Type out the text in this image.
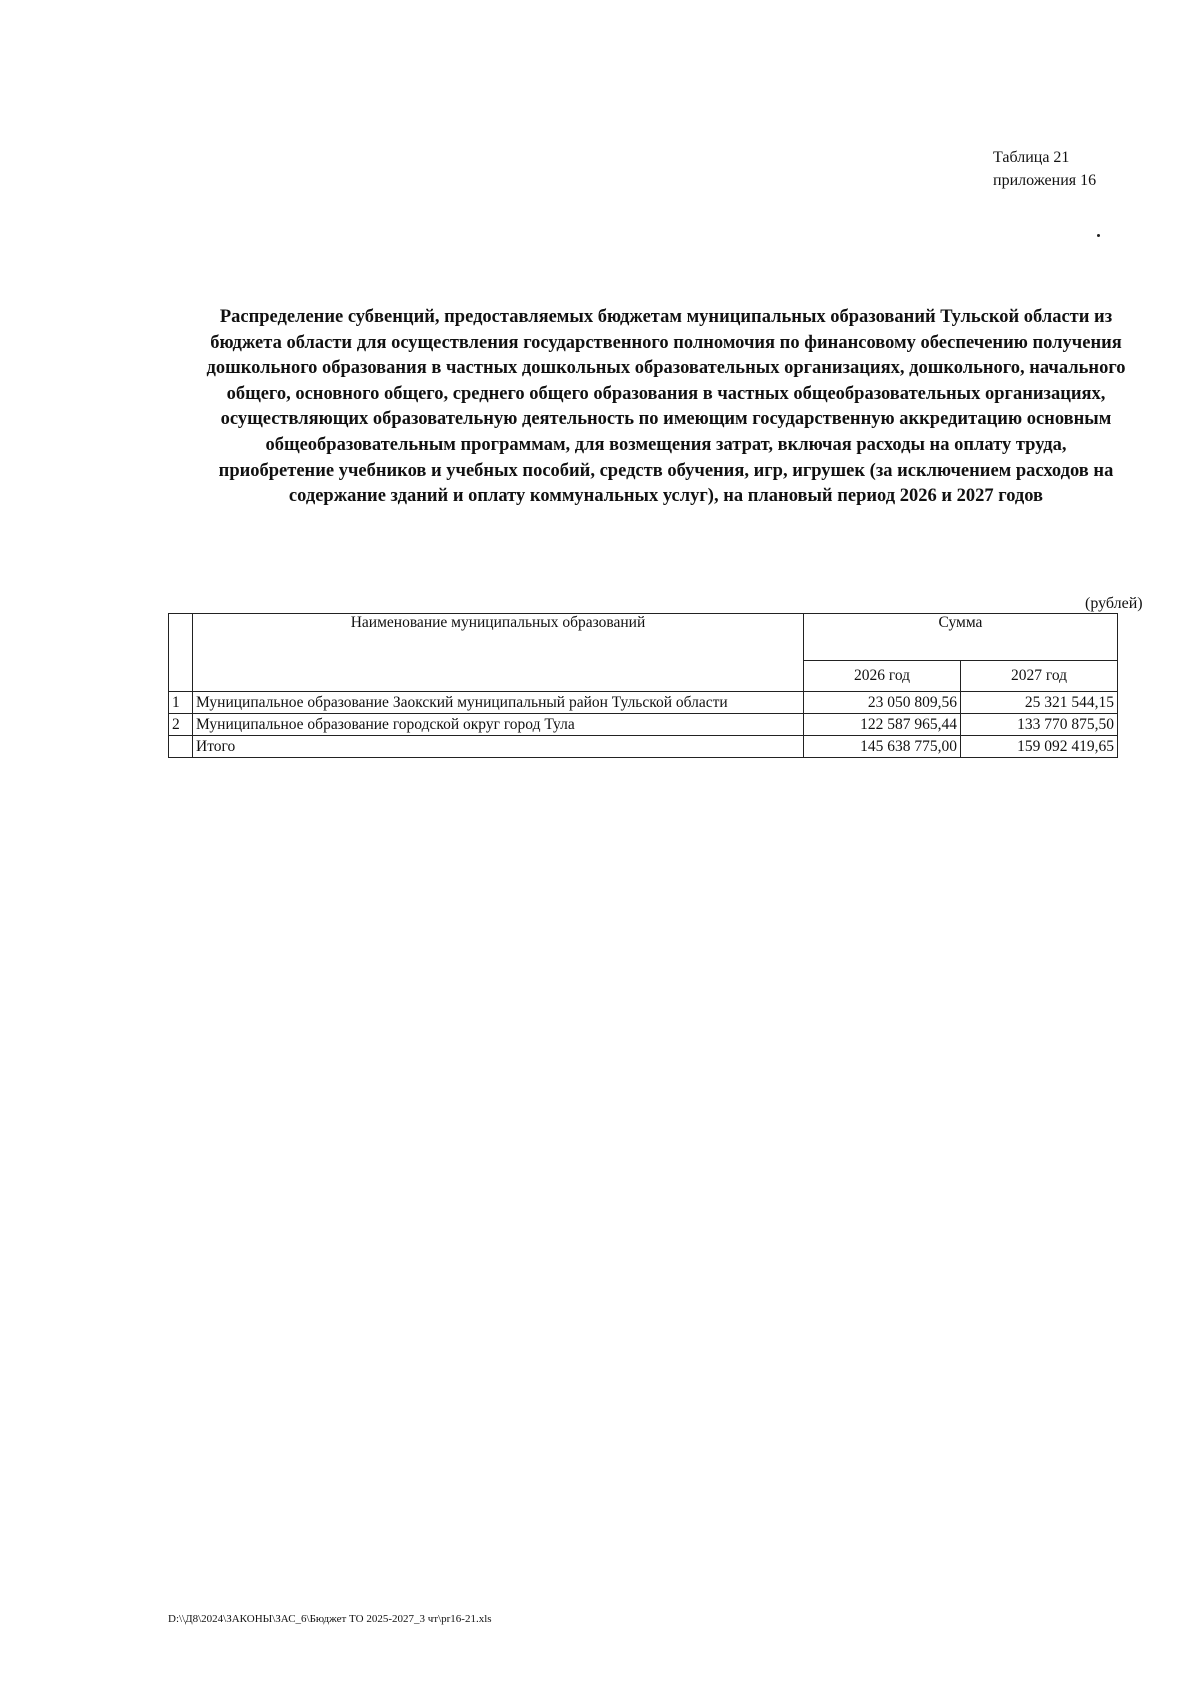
Таблица 21
приложения 16
Распределение субвенций, предоставляемых бюджетам муниципальных образований Тульской области из
бюджета области для осуществления государственного полномочия по финансовому обеспечению получения
дошкольного образования в частных дошкольных образовательных организациях, дошкольного, начального
общего, основного общего, среднего общего образования в частных общеобразовательных организациях,
осуществляющих образовательную деятельность по имеющим государственную аккредитацию основным
общеобразовательным программам, для возмещения затрат, включая расходы на оплату труда,
приобретение учебников и учебных пособий, средств обучения, игр, игрушек (за исключением расходов на
содержание зданий и оплату коммунальных услуг), на плановый период 2026 и 2027 годов
(рублей)
	Наименование муниципальных образований	Сумма	
		2026 год	2027 год
1	Муниципальное образование Заокский муниципальный район Тульской области	23 050 809,56	25 321 544,15
2	Муниципальное образование городской округ город Тула	122 587 965,44	133 770 875,50
	Итого	145 638 775,00	159 092 419,65
D:\\Д8\2024\ЗАКОНЫ\ЗАС_6\Бюджет ТО 2025-2027_3 чт\pr16-21.xls
